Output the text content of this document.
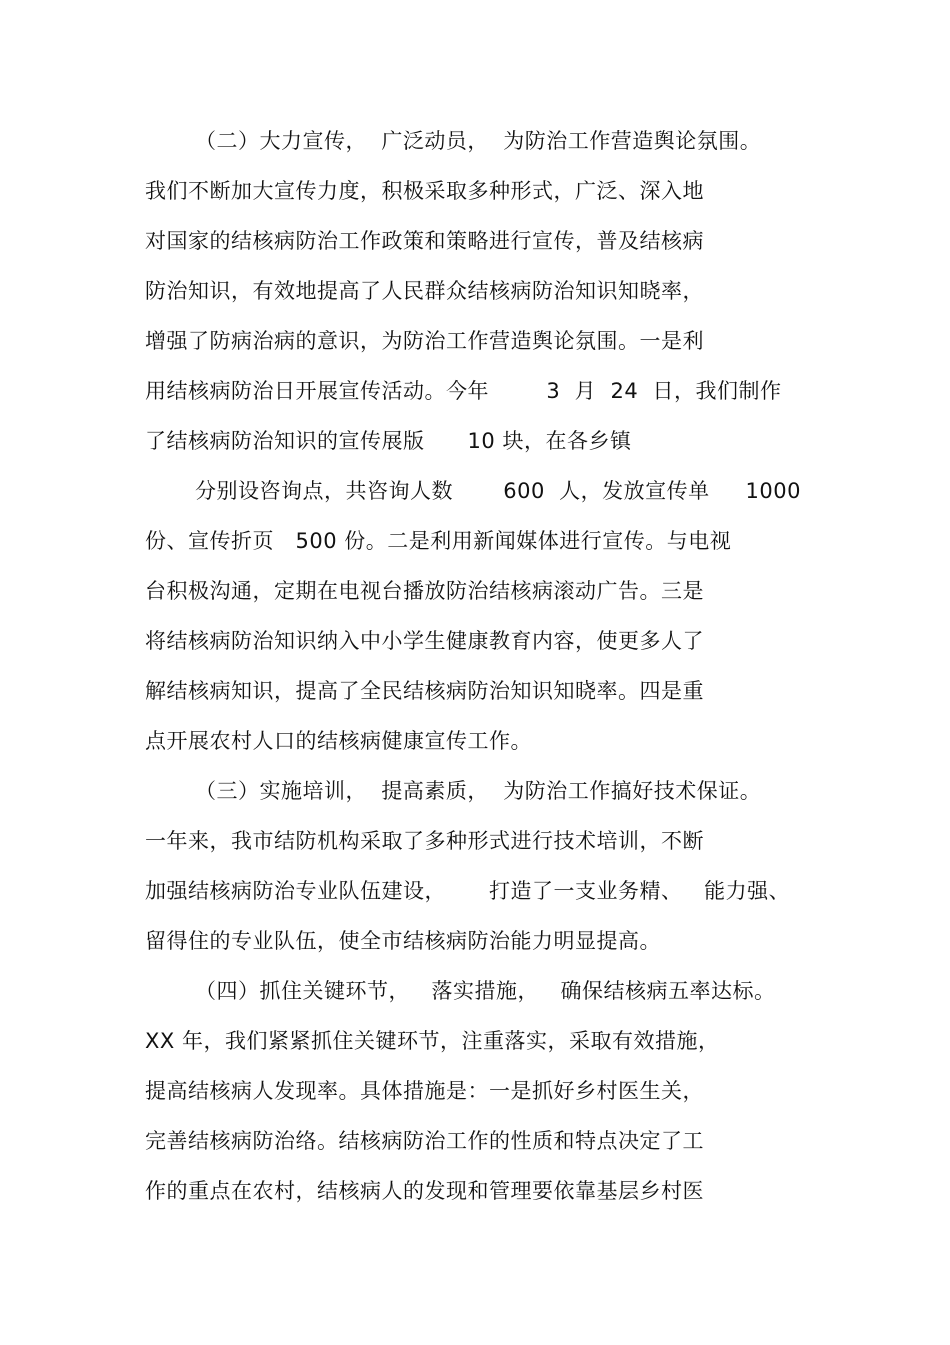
（二）大力宣传，  广泛动员，  为防治工作营造舆论氛围。
我们不断加大宣传力度，积极采取多种形式，广泛、深入地
对国家的结核病防治工作政策和策略进行宣传，普及结核病
防治知识，有效地提高了人民群众结核病防治知识知晓率，
增强了防病治病的意识，为防治工作营造舆论氛围。一是利
用结核病防治日开展宣传活动。今年        3  月  24  日，我们制作
了结核病防治知识的宣传展版      10 块，在各乡镇
分别设咨询点，共咨询人数       600  人，发放宣传单     1000
份、宣传折页   500 份。二是利用新闻媒体进行宣传。与电视
台积极沟通，定期在电视台播放防治结核病滚动广告。三是
将结核病防治知识纳入中小学生健康教育内容，使更多人了
解结核病知识，提高了全民结核病防治知识知晓率。四是重
点开展农村人口的结核病健康宣传工作。
（三）实施培训，  提高素质，  为防治工作搞好技术保证。
一年来，我市结防机构采取了多种形式进行技术培训，不断
加强结核病防治专业队伍建设，      打造了一支业务精、   能力强、
留得住的专业队伍，使全市结核病防治能力明显提高。
（四）抓住关键环节，   落实措施，   确保结核病五率达标。
XX 年，我们紧紧抓住关键环节，注重落实，采取有效措施，
提高结核病人发现率。具体措施是：一是抓好乡村医生关，
完善结核病防治络。结核病防治工作的性质和特点决定了工
作的重点在农村，结核病人的发现和管理要依靠基层乡村医
